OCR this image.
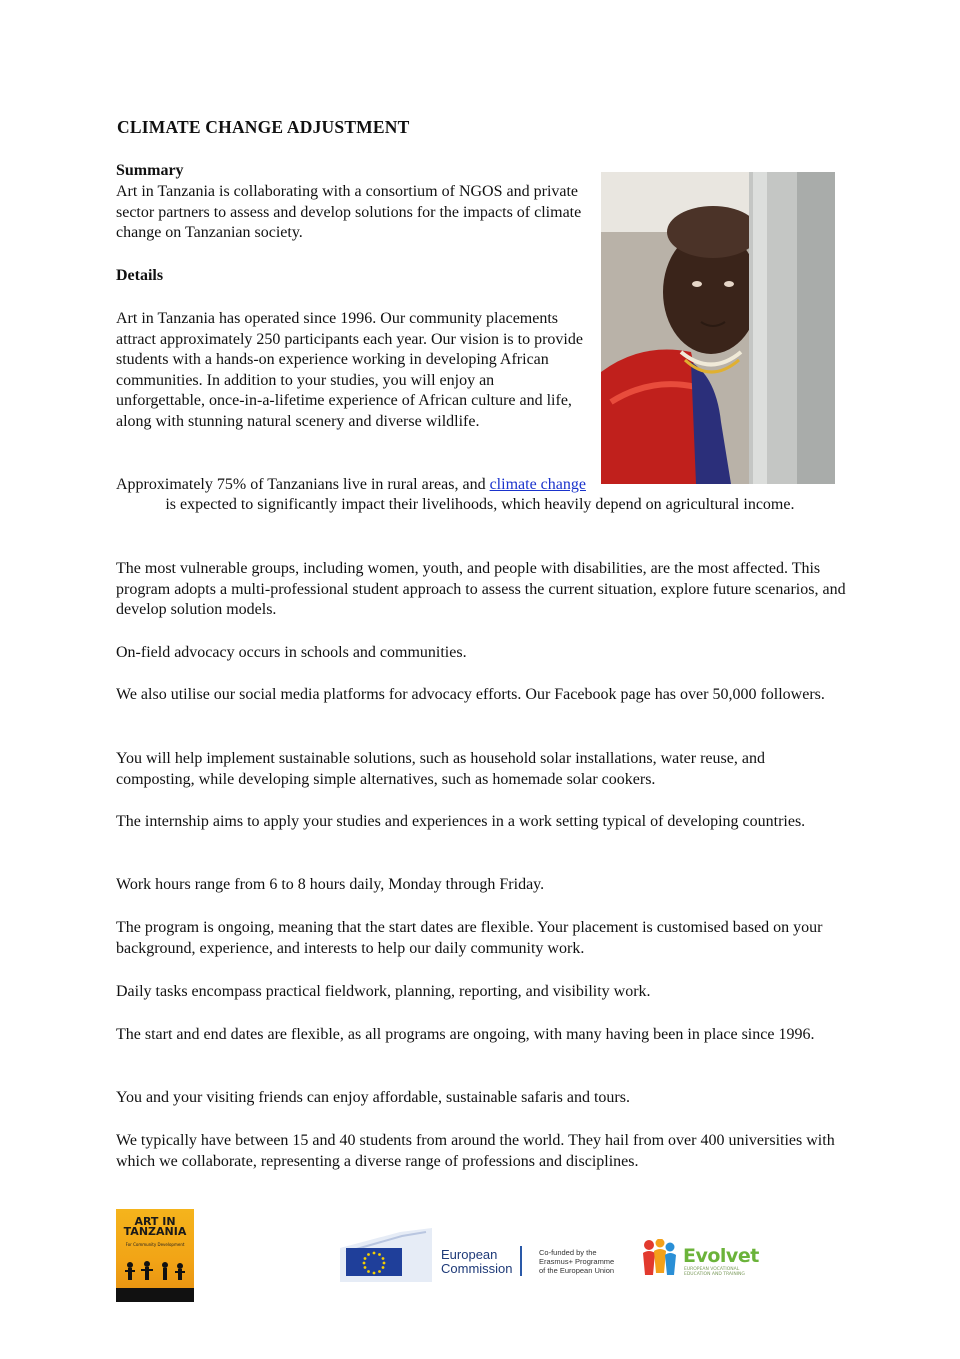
CLIMATE CHANGE ADJUSTMENT
Summary

Art in Tanzania is collaborating with a consortium of NGOS and private sector partners to assess and develop solutions for the impacts of climate change on Tanzanian society.

Details

Art in Tanzania has operated since 1996. Our community placements attract approximately 250 participants each year. Our vision is to provide students with a hands-on experience working in developing African communities. In addition to your studies, you will enjoy an unforgettable, once-in-a-lifetime experience of African culture and life, along with stunning natural scenery and diverse wildlife.

Approximately 75% of Tanzanians live in rural areas, and climate change

is expected to significantly impact their livelihoods, which heavily depend on agricultural income.

The most vulnerable groups, including women, youth, and people with disabilities, are the most affected. This program adopts a multi-professional student approach to assess the current situation, explore future scenarios, and develop solution models.

On-field advocacy occurs in schools and communities.

We also utilise our social media platforms for advocacy efforts. Our Facebook page has over 50,000 followers.

You will help implement sustainable solutions, such as household solar installations, water reuse, and composting, while developing simple alternatives, such as homemade solar cookers.

The internship aims to apply your studies and experiences in a work setting typical of developing countries.

Work hours range from 6 to 8 hours daily, Monday through Friday.

The program is ongoing, meaning that the start dates are flexible. Your placement is customised based on your background, experience, and interests to help our daily community work.

Daily tasks encompass practical fieldwork, planning, reporting, and visibility work.

The start and end dates are flexible, as all programs are ongoing, with many having been in place since 1996.

You and your visiting friends can enjoy affordable, sustainable safaris and tours.

We typically have between 15 and 40 students from around the world. They hail from over 400 universities with which we collaborate, representing a diverse range of professions and disciplines.

ART IN
TANZANIA
For Community Development
European
Commission
Co-funded by the
Erasmus+ Programme
of the European Union
Evolvet
EUROPEAN VOCATIONAL EDUCATION AND TRAINING
